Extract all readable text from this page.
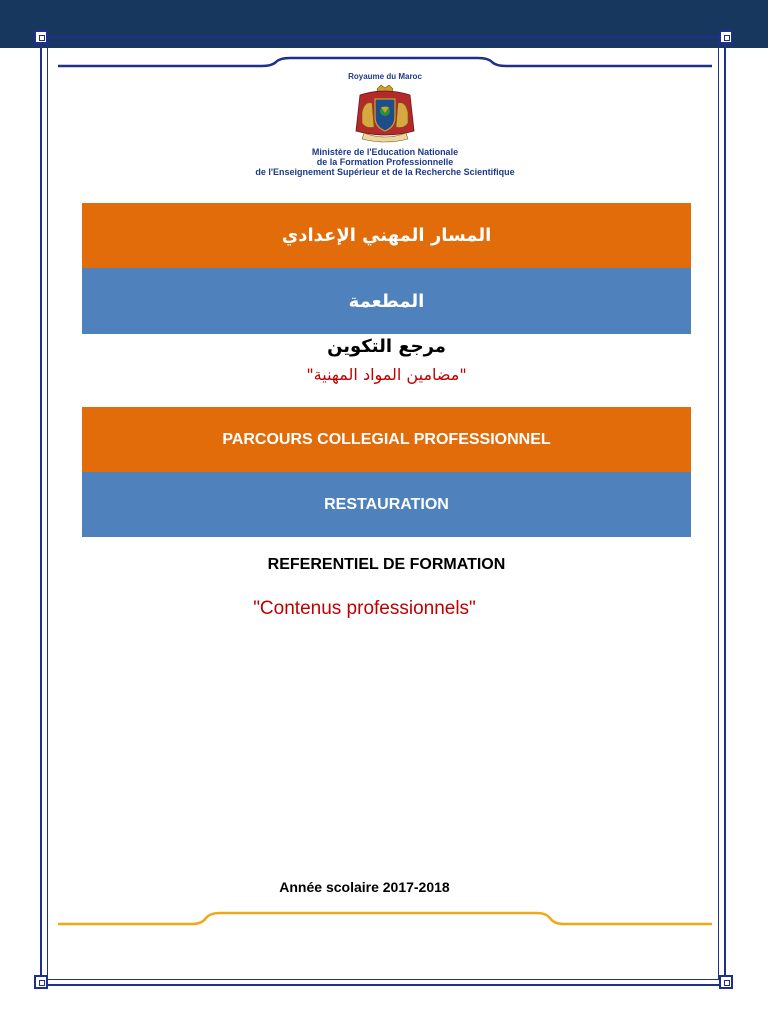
Royaume du Maroc
Ministère de l'Education Nationale
de la Formation Professionnelle
de l'Enseignement Supérieur et de la Recherche Scientifique
المسار المهني الإعدادي
المطعمة
مرجع التكوين
"مضامين المواد المهنية"
PARCOURS COLLEGIAL PROFESSIONNEL
RESTAURATION
REFERENTIEL DE FORMATION
"Contenus professionnels"
Année scolaire 2017-2018
